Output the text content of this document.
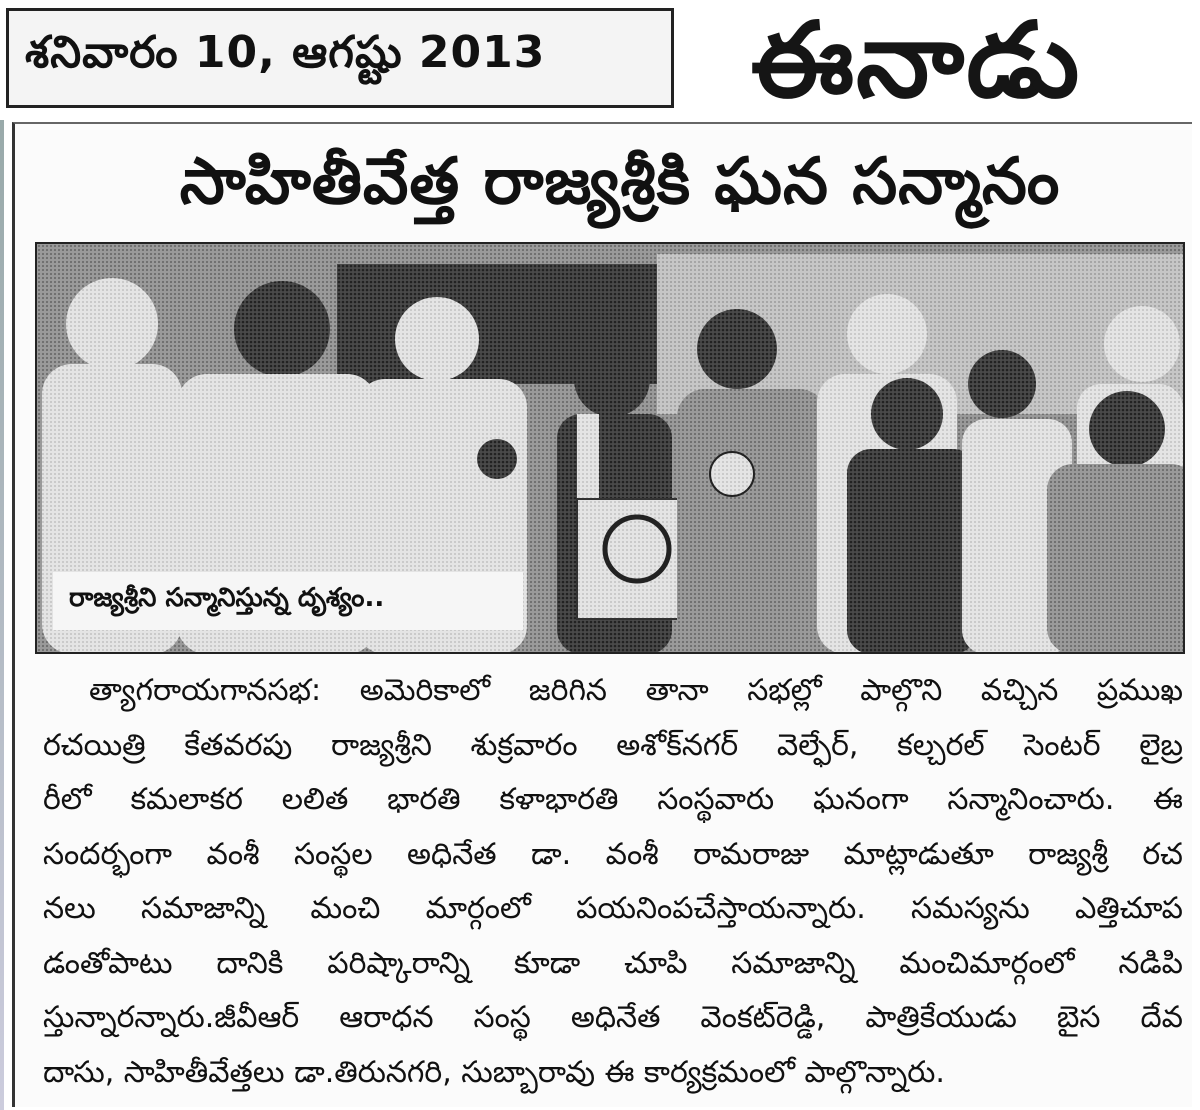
శనివారం 10, ఆగష్టు 2013 ఈనాడు
సాహితీవేత్త రాజ్యశ్రీకి ఘన సన్మానం
రాజ్యశ్రీని సన్మానిస్తున్న దృశ్యం..
త్యాగరాయగానసభ: అమెరికాలో జరిగిన తానా సభల్లో పాల్గొని వచ్చిన ప్రముఖ
రచయిత్రి కేతవరపు రాజ్యశ్రీని శుక్రవారం అశోక్‌నగర్ వెల్ఫేర్, కల్చరల్ సెంటర్ లైబ్ర
రీలో కమలాకర లలిత భారతి కళాభారతి సంస్థవారు ఘనంగా సన్మానించారు. ఈ
సందర్భంగా వంశీ సంస్థల అధినేత డా. వంశీ రామరాజు మాట్లాడుతూ రాజ్యశ్రీ రచ
నలు సమాజాన్ని మంచి మార్గంలో పయనింపచేస్తాయన్నారు. సమస్యను ఎత్తిచూప
డంతోపాటు దానికి పరిష్కారాన్ని కూడా చూపి సమాజాన్ని మంచిమార్గంలో నడిపి
స్తున్నారన్నారు.జీవీఆర్ ఆరాధన సంస్థ అధినేత వెంకట్‌రెడ్డి, పాత్రికేయుడు బైస దేవ
దాసు, సాహితీవేత్తలు డా.తిరునగరి, సుబ్బారావు ఈ కార్యక్రమంలో పాల్గొన్నారు.
